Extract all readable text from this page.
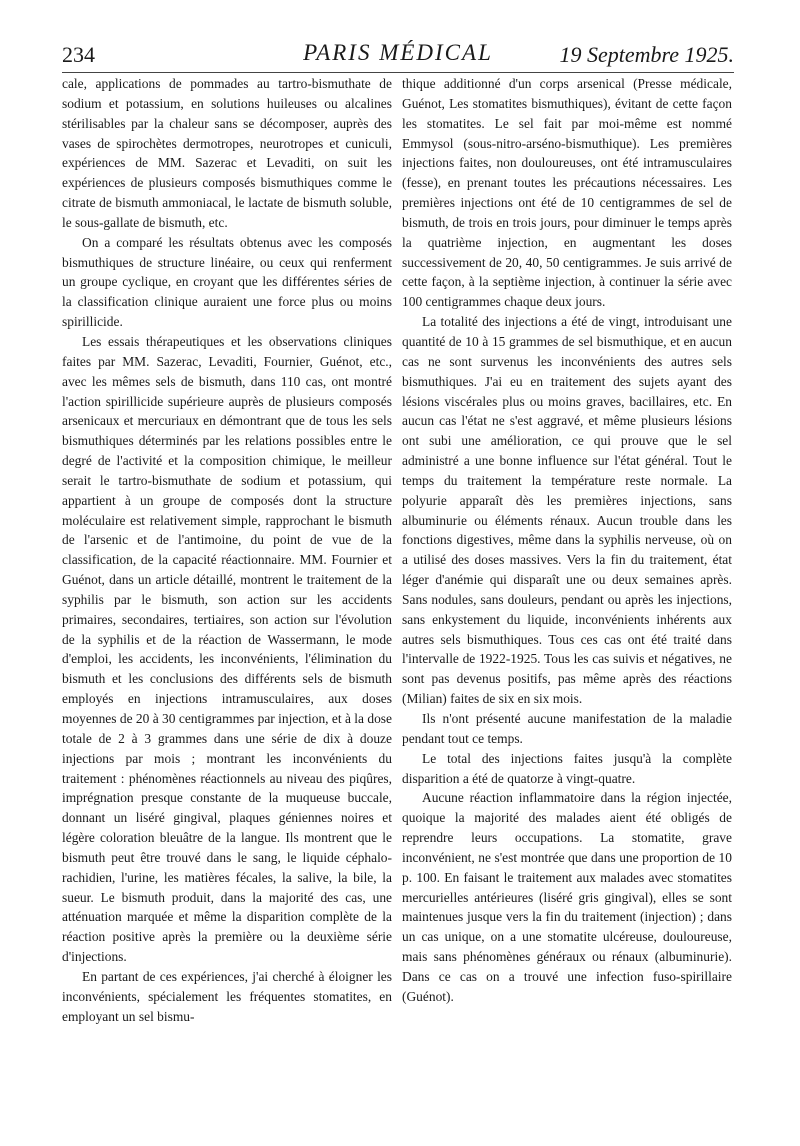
234	PARIS MÉDICAL	19 Septembre 1925.

cale, applications de pommades au tartro-bismuthate de sodium et potassium, en solutions huileuses ou alcalines stérilisables par la chaleur sans se décomposer, auprès des vases de spirochètes dermotropes, neurotropes et cuniculi, expériences de MM. Sazerac et Levaditi, on suit les expériences de plusieurs composés bismuthiques comme le citrate de bismuth ammoniacal, le lactate de bismuth soluble, le sous-gallate de bismuth, etc.

On a comparé les résultats obtenus avec les composés bismuthiques de structure linéaire, ou ceux qui renferment un groupe cyclique, en croyant que les différentes séries de la classification clinique auraient une force plus ou moins spirillicide.

Les essais thérapeutiques et les observations cliniques faites par MM. Sazerac, Levaditi, Fournier, Guénot, etc., avec les mêmes sels de bismuth, dans 110 cas, ont montré l'action spirillicide supérieure auprès de plusieurs composés arsenicaux et mercuriaux en démontrant que de tous les sels bismuthiques déterminés par les relations possibles entre le degré de l'activité et la composition chimique, le meilleur serait le tartro-bismuthate de sodium et potassium, qui appartient à un groupe de composés dont la structure moléculaire est relativement simple, rapprochant le bismuth de l'arsenic et de l'antimoine, du point de vue de la classification, de la capacité réactionnaire. MM. Fournier et Guénot, dans un article détaillé, montrent le traitement de la syphilis par le bismuth, son action sur les accidents primaires, secondaires, tertiaires, son action sur l'évolution de la syphilis et de la réaction de Wassermann, le mode d'emploi, les accidents, les inconvénients, l'élimination du bismuth et les conclusions des différents sels de bismuth employés en injections intramusculaires, aux doses moyennes de 20 à 30 centigrammes par injection, et à la dose totale de 2 à 3 grammes dans une série de dix à douze injections par mois ; montrant les inconvénients du traitement : phénomènes réactionnels au niveau des piqûres, imprégnation presque constante de la muqueuse buccale, donnant un liséré gingival, plaques géniennes noires et légère coloration bleuâtre de la langue. Ils montrent que le bismuth peut être trouvé dans le sang, le liquide céphalo-rachidien, l'urine, les matières fécales, la salive, la bile, la sueur. Le bismuth produit, dans la majorité des cas, une atténuation marquée et même la disparition complète de la réaction positive après la première ou la deuxième série d'injections.

En partant de ces expériences, j'ai cherché à éloigner les inconvénients, spécialement les fréquentes stomatites, en employant un sel bismu-

thique additionné d'un corps arsenical (Presse médicale, Guénot, Les stomatites bismuthiques), évitant de cette façon les stomatites. Le sel fait par moi-même est nommé Emmysol (sous-nitro-arséno-bismuthique). Les premières injections faites, non douloureuses, ont été intramusculaires (fesse), en prenant toutes les précautions nécessaires. Les premières injections ont été de 10 centigrammes de sel de bismuth, de trois en trois jours, pour diminuer le temps après la quatrième injection, en augmentant les doses successivement de 20, 40, 50 centigrammes. Je suis arrivé de cette façon, à la septième injection, à continuer la série avec 100 centigrammes chaque deux jours.

La totalité des injections a été de vingt, introduisant une quantité de 10 à 15 grammes de sel bismuthique, et en aucun cas ne sont survenus les inconvénients des autres sels bismuthiques. J'ai eu en traitement des sujets ayant des lésions viscérales plus ou moins graves, bacillaires, etc. En aucun cas l'état ne s'est aggravé, et même plusieurs lésions ont subi une amélioration, ce qui prouve que le sel administré a une bonne influence sur l'état général. Tout le temps du traitement la température reste normale. La polyurie apparaît dès les premières injections, sans albuminurie ou éléments rénaux. Aucun trouble dans les fonctions digestives, même dans la syphilis nerveuse, où on a utilisé des doses massives. Vers la fin du traitement, état léger d'anémie qui disparaît une ou deux semaines après. Sans nodules, sans douleurs, pendant ou après les injections, sans enkystement du liquide, inconvénients inhérents aux autres sels bismuthiques. Tous ces cas ont été traité dans l'intervalle de 1922-1925. Tous les cas suivis et négatives, ne sont pas devenus positifs, pas même après des réactions (Milian) faites de six en six mois.

Ils n'ont présenté aucune manifestation de la maladie pendant tout ce temps.

Le total des injections faites jusqu'à la complète disparition a été de quatorze à vingt-quatre.

Aucune réaction inflammatoire dans la région injectée, quoique la majorité des malades aient été obligés de reprendre leurs occupations. La stomatite, grave inconvénient, ne s'est montrée que dans une proportion de 10 p. 100. En faisant le traitement aux malades avec stomatites mercurielles antérieures (liséré gris gingival), elles se sont maintenues jusque vers la fin du traitement (injection) ; dans un cas unique, on a une stomatite ulcéreuse, douloureuse, mais sans phénomènes généraux ou rénaux (albuminurie). Dans ce cas on a trouvé une infection fuso-spirillaire (Guénot).
